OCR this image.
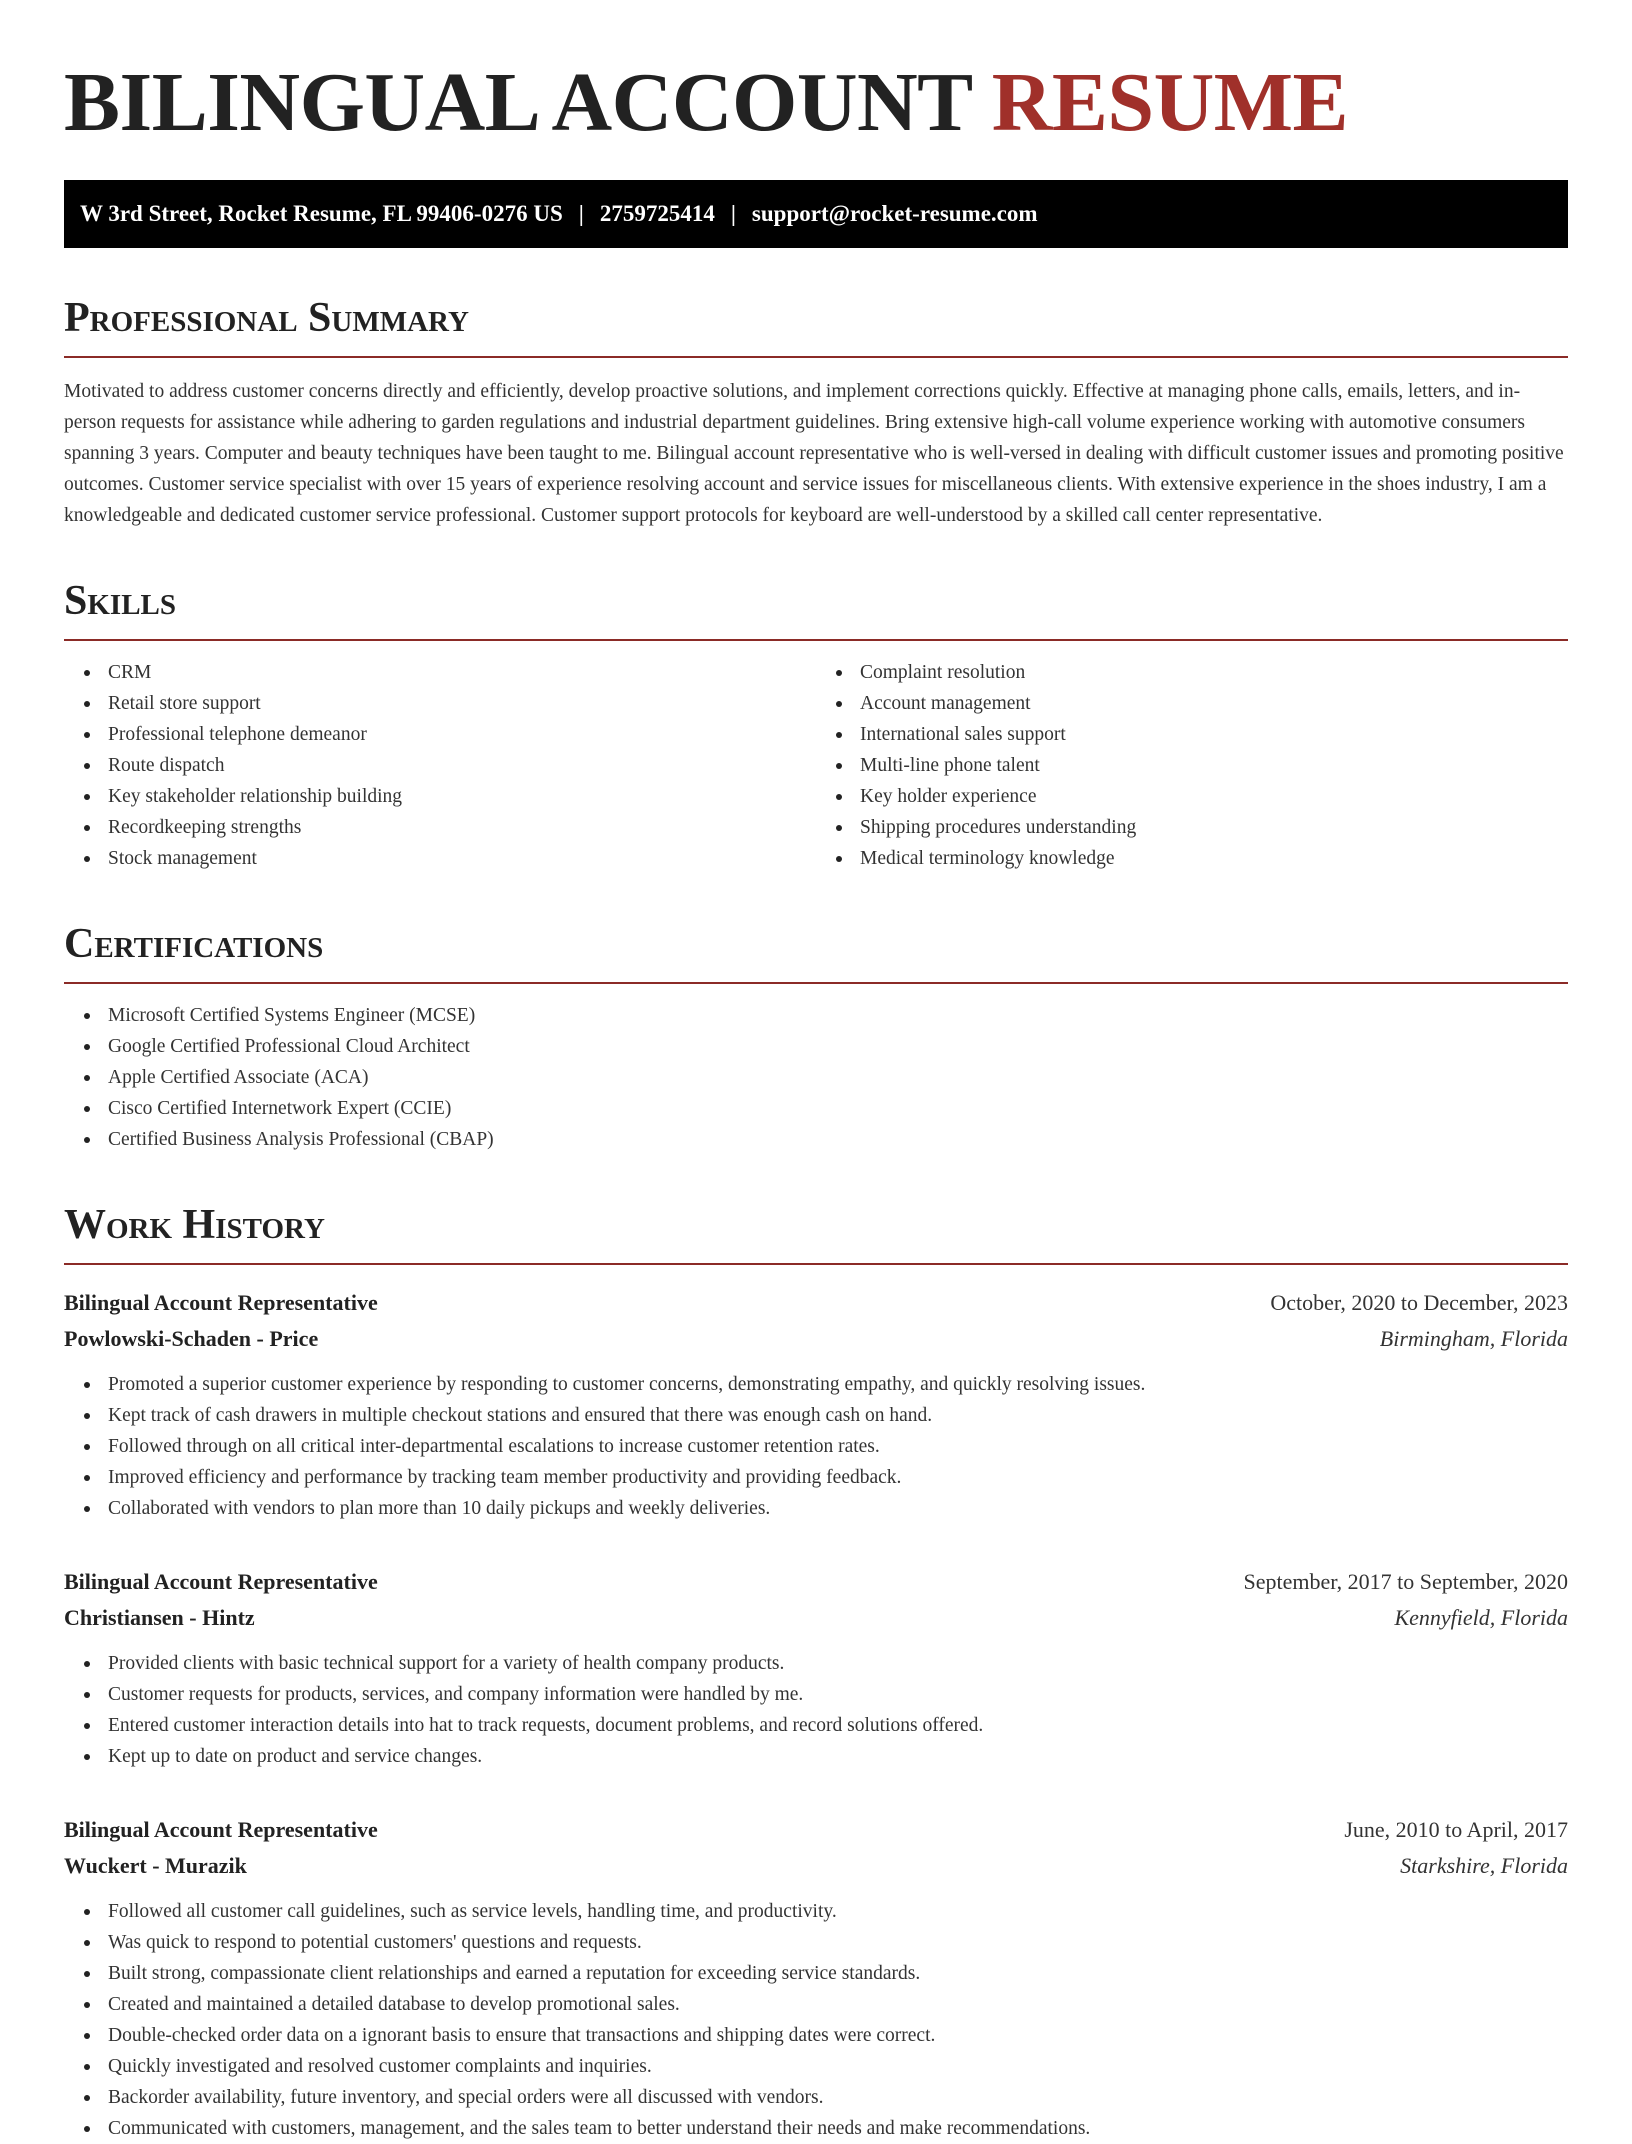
BILINGUAL ACCOUNT RESUME
W 3rd Street, Rocket Resume, FL 99406-0276 US | 2759725414 | support@rocket-resume.com
Professional Summary

Motivated to address customer concerns directly and efficiently, develop proactive solutions, and implement corrections quickly. Effective at managing phone calls, emails, letters, and in-person requests for assistance while adhering to garden regulations and industrial department guidelines. Bring extensive high-call volume experience working with automotive consumers spanning 3 years. Computer and beauty techniques have been taught to me. Bilingual account representative who is well-versed in dealing with difficult customer issues and promoting positive outcomes. Customer service specialist with over 15 years of experience resolving account and service issues for miscellaneous clients. With extensive experience in the shoes industry, I am a knowledgeable and dedicated customer service professional. Customer support protocols for keyboard are well-understood by a skilled call center representative.

Skills
CRM
Retail store support
Professional telephone demeanor
Route dispatch
Key stakeholder relationship building
Recordkeeping strengths
Stock management
Complaint resolution
Account management
International sales support
Multi-line phone talent
Key holder experience
Shipping procedures understanding
Medical terminology knowledge
Certifications
Microsoft Certified Systems Engineer (MCSE)
Google Certified Professional Cloud Architect
Apple Certified Associate (ACA)
Cisco Certified Internetwork Expert (CCIE)
Certified Business Analysis Professional (CBAP)
Work History
Bilingual Account Representative	October, 2020 to December, 2023
Powlowski-Schaden - Price	Birmingham, Florida
Promoted a superior customer experience by responding to customer concerns, demonstrating empathy, and quickly resolving issues.
Kept track of cash drawers in multiple checkout stations and ensured that there was enough cash on hand.
Followed through on all critical inter-departmental escalations to increase customer retention rates.
Improved efficiency and performance by tracking team member productivity and providing feedback.
Collaborated with vendors to plan more than 10 daily pickups and weekly deliveries.
Bilingual Account Representative	September, 2017 to September, 2020
Christiansen - Hintz	Kennyfield, Florida
Provided clients with basic technical support for a variety of health company products.
Customer requests for products, services, and company information were handled by me.
Entered customer interaction details into hat to track requests, document problems, and record solutions offered.
Kept up to date on product and service changes.
Bilingual Account Representative	June, 2010 to April, 2017
Wuckert - Murazik	Starkshire, Florida
Followed all customer call guidelines, such as service levels, handling time, and productivity.
Was quick to respond to potential customers' questions and requests.
Built strong, compassionate client relationships and earned a reputation for exceeding service standards.
Created and maintained a detailed database to develop promotional sales.
Double-checked order data on a ignorant basis to ensure that transactions and shipping dates were correct.
Quickly investigated and resolved customer complaints and inquiries.
Backorder availability, future inventory, and special orders were all discussed with vendors.
Communicated with customers, management, and the sales team to better understand their needs and make recommendations.
